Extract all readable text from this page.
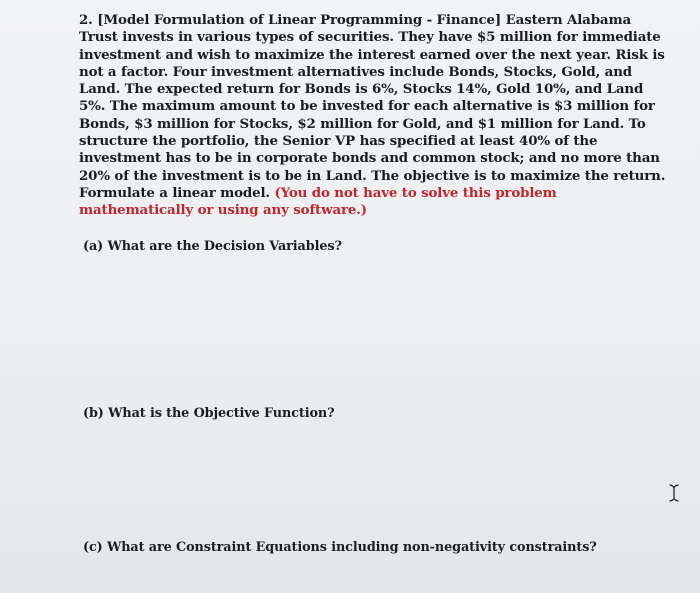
2. [Model Formulation of Linear Programming - Finance] Eastern Alabama Trust invests in various types of securities. They have $5 million for immediate investment and wish to maximize the interest earned over the next year. Risk is not a factor. Four investment alternatives include Bonds, Stocks, Gold, and Land. The expected return for Bonds is 6%, Stocks 14%, Gold 10%, and Land 5%. The maximum amount to be invested for each alternative is $3 million for Bonds, $3 million for Stocks, $2 million for Gold, and $1 million for Land. To structure the portfolio, the Senior VP has specified at least 40% of the investment has to be in corporate bonds and common stock; and no more than 20% of the investment is to be in Land. The objective is to maximize the return. Formulate a linear model. (You do not have to solve this problem mathematically or using any software.)
(a) What are the Decision Variables?
(b) What is the Objective Function?
(c) What are Constraint Equations including non-negativity constraints?
